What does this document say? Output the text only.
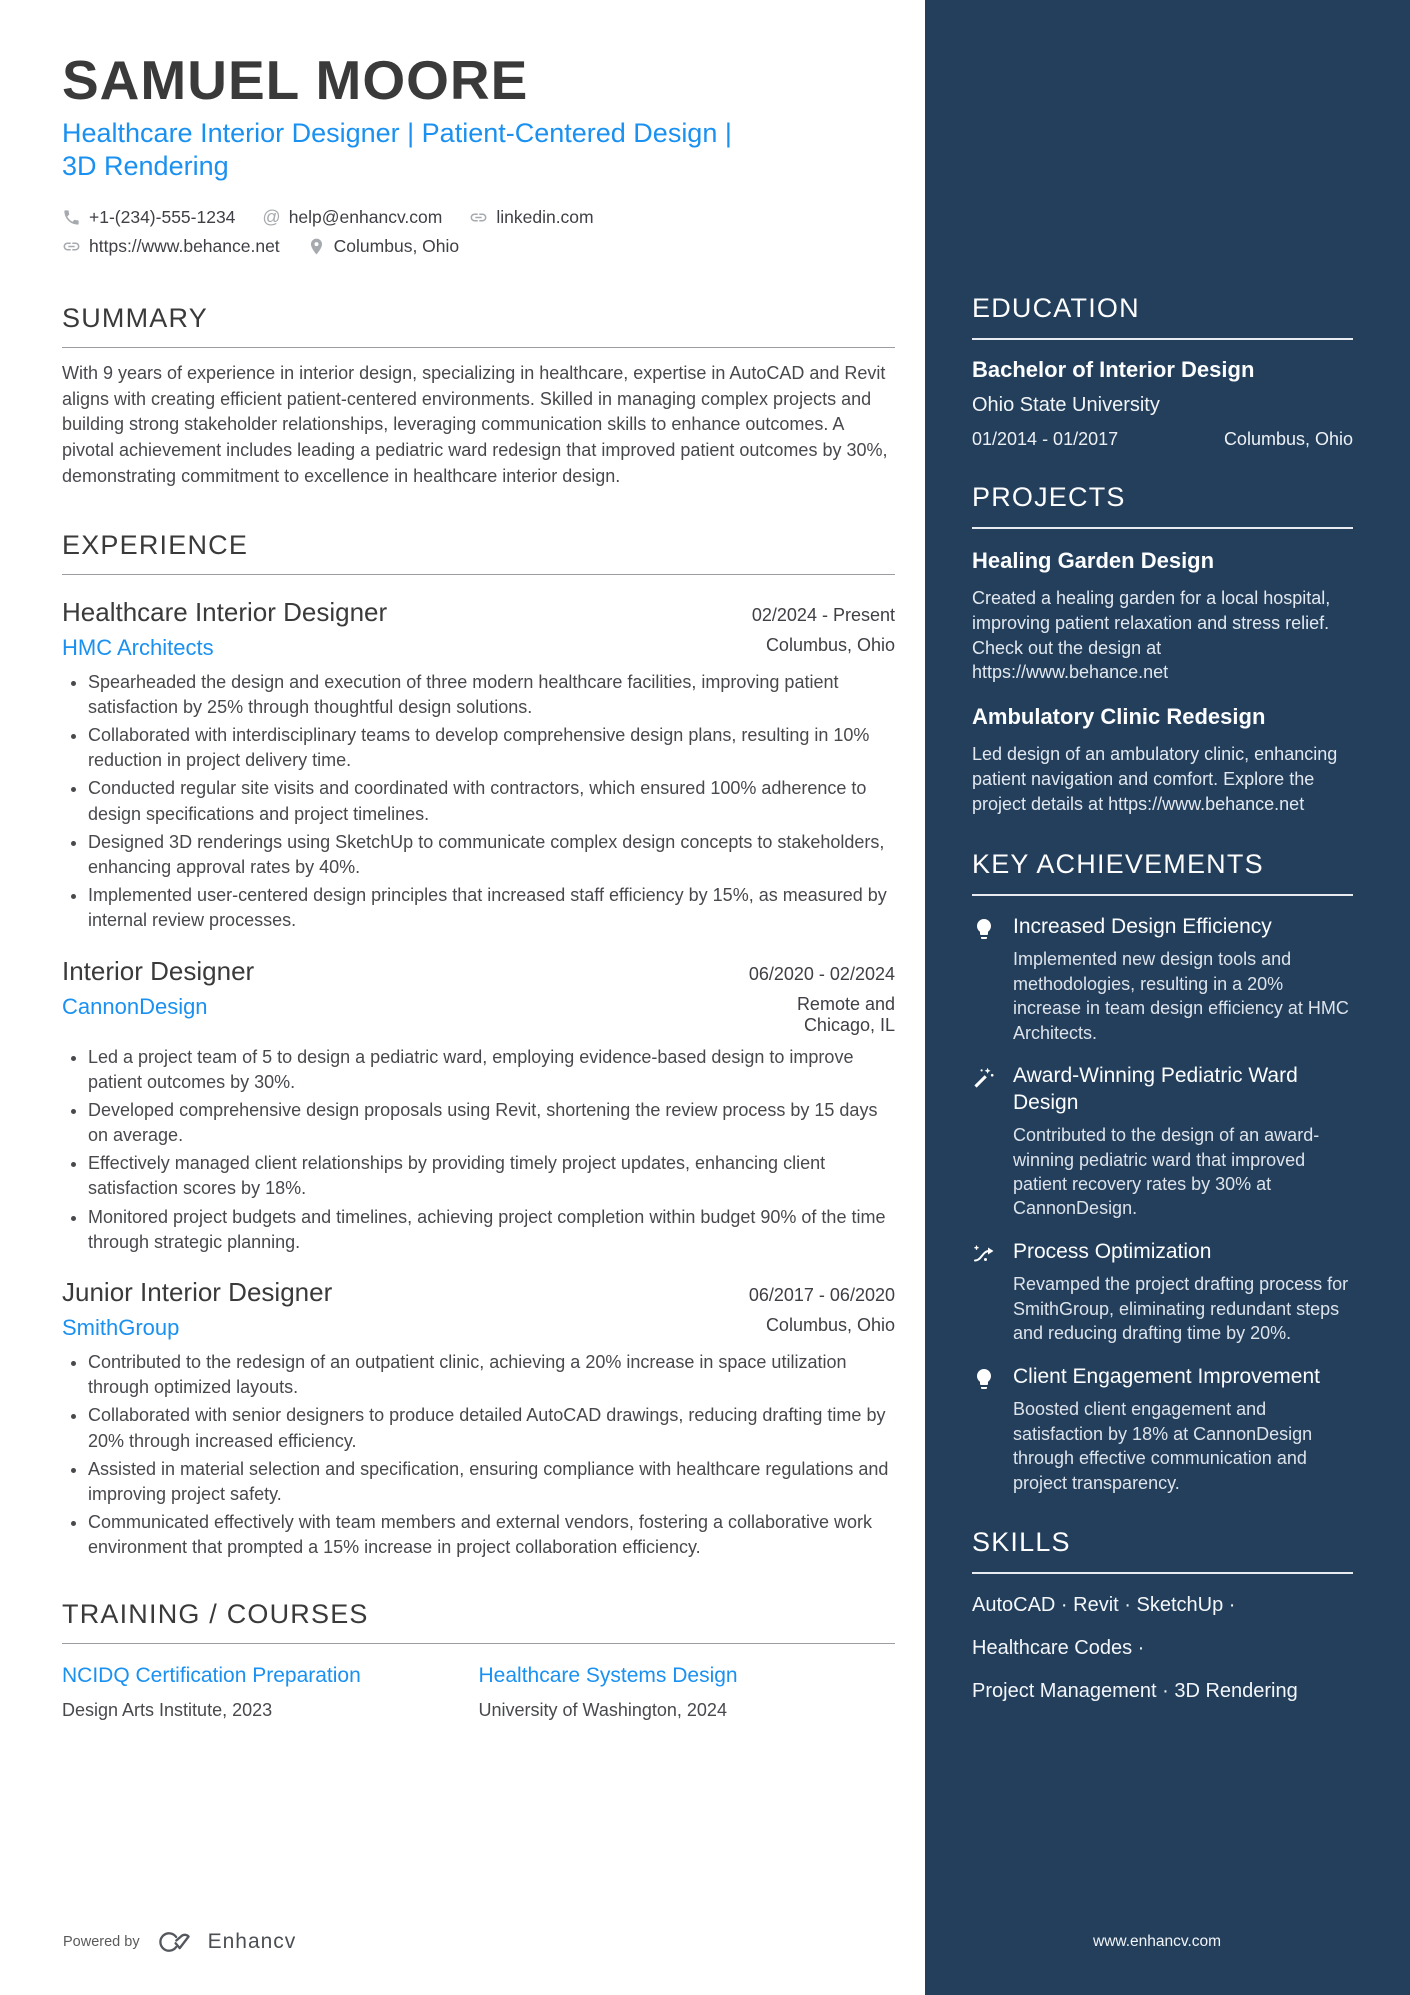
SAMUEL MOORE
Healthcare Interior Designer | Patient-Centered Design | 3D Rendering
+1-(234)-555-1234 @ help@enhancv.com	linkedin.com
https://www.behance.net	Columbus, Ohio
SUMMARY

With 9 years of experience in interior design, specializing in healthcare, expertise in AutoCAD and Revit aligns with creating efficient patient-centered environments. Skilled in managing complex projects and building strong stakeholder relationships, leveraging communication skills to enhance outcomes. A pivotal achievement includes leading a pediatric ward redesign that improved patient outcomes by 30%, demonstrating commitment to excellence in healthcare interior design.

EXPERIENCE
Healthcare Interior Designer	02/2024 - Present
HMC Architects	Columbus, Ohio
• Spearheaded the design and execution of three modern healthcare facilities, improving patient satisfaction by 25% through thoughtful design solutions.
• Collaborated with interdisciplinary teams to develop comprehensive design plans, resulting in 10% reduction in project delivery time.
• Conducted regular site visits and coordinated with contractors, which ensured 100% adherence to design specifications and project timelines.
• Designed 3D renderings using SketchUp to communicate complex design concepts to stakeholders, enhancing approval rates by 40%.
• Implemented user-centered design principles that increased staff efficiency by 15%, as measured by internal review processes.
Interior Designer	06/2020 - 02/2024
CannonDesign	Remote and Chicago, IL
• Led a project team of 5 to design a pediatric ward, employing evidence-based design to improve patient outcomes by 30%.
• Developed comprehensive design proposals using Revit, shortening the review process by 15 days on average.
• Effectively managed client relationships by providing timely project updates, enhancing client satisfaction scores by 18%.
• Monitored project budgets and timelines, achieving project completion within budget 90% of the time through strategic planning.
Junior Interior Designer	06/2017 - 06/2020
SmithGroup	Columbus, Ohio
• Contributed to the redesign of an outpatient clinic, achieving a 20% increase in space utilization through optimized layouts.
• Collaborated with senior designers to produce detailed AutoCAD drawings, reducing drafting time by 20% through increased efficiency.
• Assisted in material selection and specification, ensuring compliance with healthcare regulations and improving project safety.
• Communicated effectively with team members and external vendors, fostering a collaborative work environment that prompted a 15% increase in project collaboration efficiency.
TRAINING / COURSES
NCIDQ Certification Preparation
Design Arts Institute, 2023
Healthcare Systems Design
University of Washington, 2024
Powered by	Enhancv
EDUCATION
Bachelor of Interior Design
Ohio State University
01/2014 - 01/2017	Columbus, Ohio
PROJECTS
Healing Garden Design

Created a healing garden for a local hospital, improving patient relaxation and stress relief. Check out the design at https://www.behance.net

Ambulatory Clinic Redesign

Led design of an ambulatory clinic, enhancing patient navigation and comfort. Explore the project details at https://www.behance.net

KEY ACHIEVEMENTS
Increased Design Efficiency
Implemented new design tools and methodologies, resulting in a 20% increase in team design efficiency at HMC Architects.
Award-Winning Pediatric Ward Design
Contributed to the design of an award-winning pediatric ward that improved patient recovery rates by 30% at CannonDesign.
Process Optimization
Revamped the project drafting process for SmithGroup, eliminating redundant steps and reducing drafting time by 20%.
Client Engagement Improvement
Boosted client engagement and satisfaction by 18% at CannonDesign through effective communication and project transparency.
SKILLS
AutoCAD · Revit · SketchUp ·
Healthcare Codes ·
Project Management · 3D Rendering
www.enhancv.com
